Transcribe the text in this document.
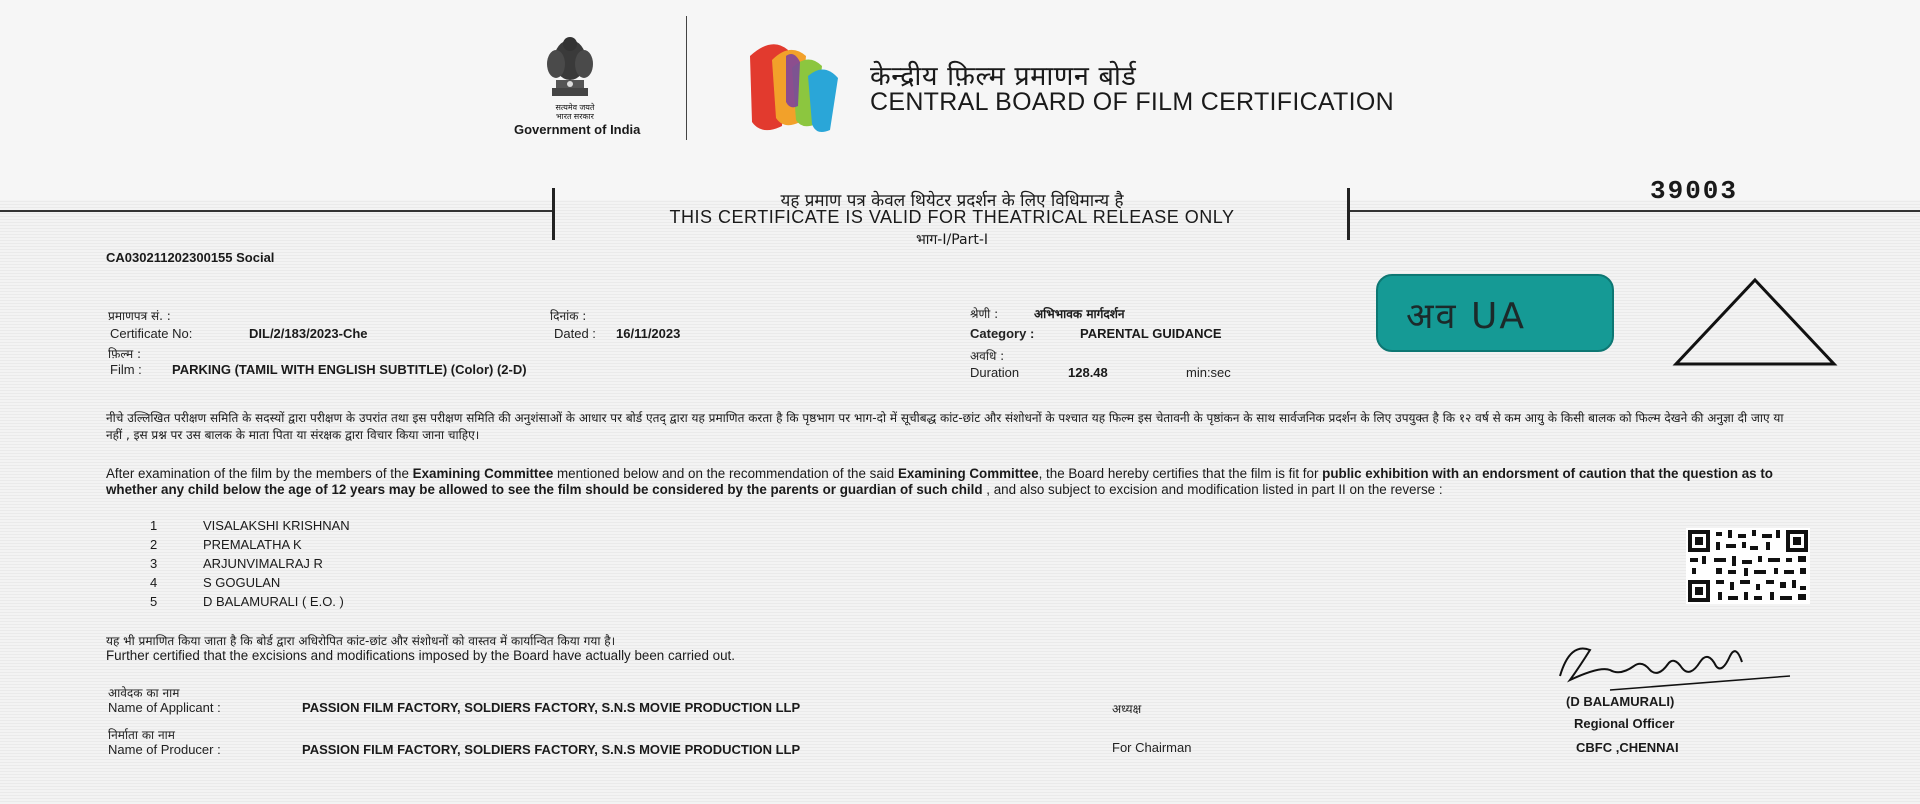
सत्यमेव जयते
भारत सरकार
Government of India
केन्द्रीय फ़िल्म प्रमाणन बोर्ड
CENTRAL BOARD OF FILM CERTIFICATION
यह प्रमाण पत्र केवल थियेटर प्रदर्शन के लिए विधिमान्य है
THIS CERTIFICATE IS VALID FOR THEATRICAL RELEASE ONLY
भाग-I/Part-I
39003
CA030211202300155 Social
प्रमाणपत्र सं. :
Certificate No:	DIL/2/183/2023-Che
दिनांक :
Dated : 16/11/2023
श्रेणी :	अभिभावक मार्गदर्शन
Category :	PARENTAL GUIDANCE
फ़िल्म :
Film : PARKING (TAMIL WITH ENGLISH SUBTITLE) (Color) (2-D)
अवधि :
Duration	128.48	min:sec
अव UA
नीचे उल्लिखित परीक्षण समिति के सदस्यों द्वारा परीक्षण के उपरांत तथा इस परीक्षण समिति की अनुशंसाओं के आधार पर बोर्ड एतद् द्वारा यह प्रमाणित करता है कि पृष्ठभाग पर भाग-दो में सूचीबद्ध कांट-छांट और संशोधनों के पश्चात यह फिल्म इस चेतावनी के पृष्ठांकन के साथ सार्वजनिक प्रदर्शन के लिए उपयुक्त है कि १२ वर्ष से कम आयु के किसी बालक को फिल्म देखने की अनुज्ञा दी जाए या नहीं , इस प्रश्न पर उस बालक के माता पिता या संरक्षक द्वारा विचार किया जाना चाहिए।
After examination of the film by the members of the Examining Committee mentioned below and on the recommendation of the said Examining Committee, the Board hereby certifies that the film is fit for public exhibition with an endorsment of caution that the question as to whether any child below the age of 12 years may be allowed to see the film should be considered by the parents or guardian of such child , and also subject to excision and modification listed in part II on the reverse :
1	VISALAKSHI KRISHNAN
2	PREMALATHA K
3	ARJUNVIMALRAJ R
4	S GOGULAN
5	D BALAMURALI ( E.O. )
यह भी प्रमाणित किया जाता है कि बोर्ड द्वारा अधिरोपित कांट-छांट और संशोधनों को वास्तव में कार्यान्वित किया गया है।
Further certified that the excisions and modifications imposed by the Board have actually been carried out.
आवेदक का नाम
Name of Applicant :	PASSION FILM FACTORY, SOLDIERS FACTORY, S.N.S MOVIE PRODUCTION LLP	अध्यक्ष
निर्माता का नाम
Name of Producer :	PASSION FILM FACTORY, SOLDIERS FACTORY, S.N.S MOVIE PRODUCTION LLP	For Chairman
(D BALAMURALI)
Regional Officer
CBFC ,CHENNAI
